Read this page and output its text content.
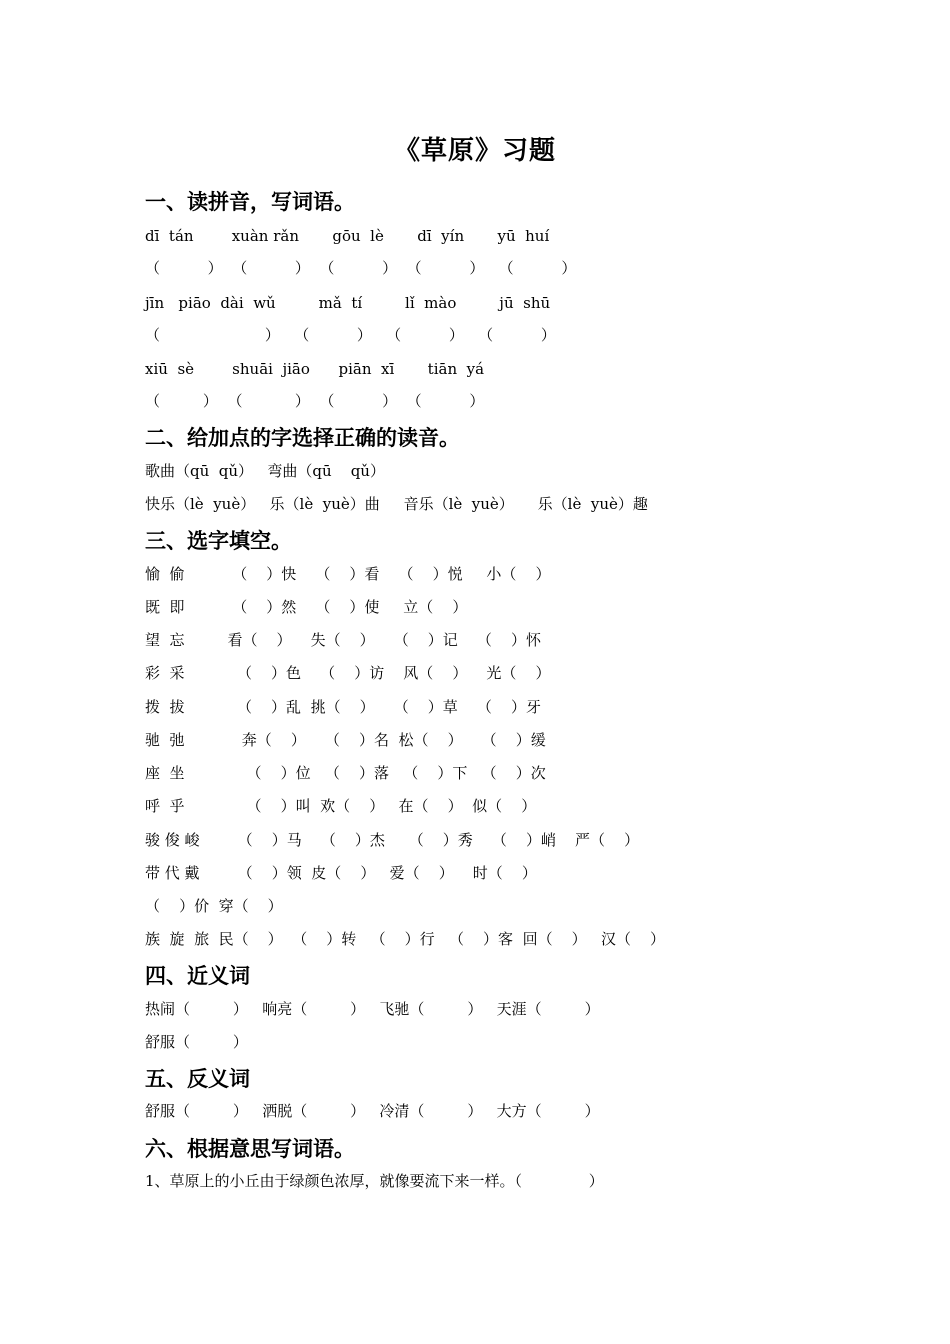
《草原》习题
一、读拼音，写词语。
dī  tán        xuàn rǎn       gōu  lè       dī  yín       yū  huí
（          ）  （          ）  （          ）  （          ）   （          ）
jīn   piāo  dài  wǔ         mǎ  tí         lǐ  mào         jū  shū
（                      ）   （          ）   （          ）   （          ）
xiū  sè        shuāi  jiāo      piān  xī       tiān  yá
（         ）  （           ）  （          ）  （          ）
二、给加点的字选择正确的读音。
歌曲（qū  qǔ）   弯曲（qū    qǔ）
快乐（lè  yuè）   乐（lè  yuè）曲     音乐（lè  yuè）     乐（lè  yuè）趣
三、选字填空。
愉  偷          （    ）快    （    ）看    （    ）悦     小（    ）
既  即          （    ）然    （    ）使     立（    ）
望  忘         看（    ）    失（    ）    （    ）记    （    ）怀
彩  采           （    ）色    （    ）访    风（    ）    光（    ）
拨  拔           （    ）乱  挑（    ）    （    ）草    （    ）牙
驰  弛            奔（    ）    （    ）名  松（    ）    （    ）缓
座  坐             （    ）位   （    ）落   （    ）下   （    ）次
呼  乎             （    ）叫  欢（    ）   在（    ）  似（    ）
骏 俊 峻        （    ）马    （    ）杰     （    ）秀    （    ）峭    严（    ）
带 代 戴        （    ）领  皮（    ）   爱（    ）    时（    ）
（    ）价  穿（    ）
族  旋  旅  民（    ）  （    ）转   （    ）行   （    ）客  回（    ）   汉（    ）
四、近义词
热闹（         ）   响亮（         ）   飞驰（         ）   天涯（         ）
舒服（         ）
五、反义词
舒服（         ）   洒脱（         ）   冷清（         ）   大方（         ）
六、根据意思写词语。
1、草原上的小丘由于绿颜色浓厚，就像要流下来一样。（              ）
